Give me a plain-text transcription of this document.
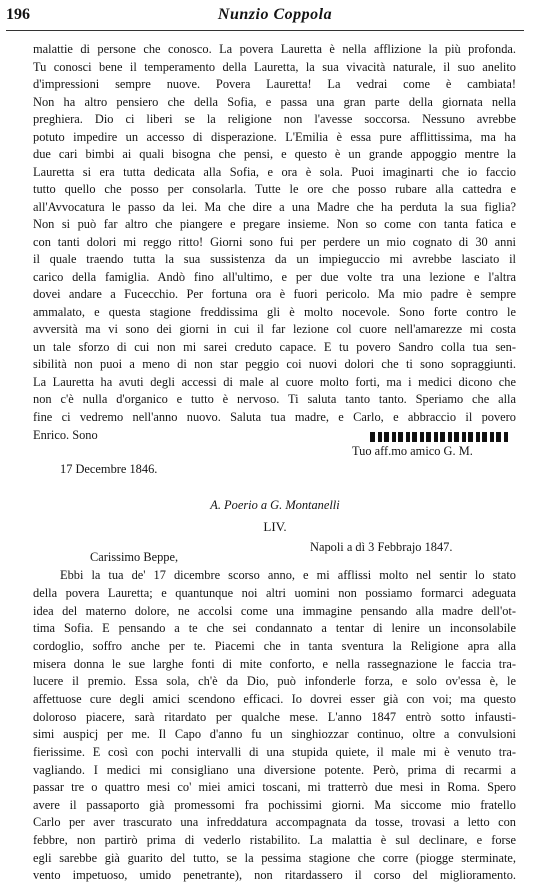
196	Nunzio Coppola
malattie di persone che conosco. La povera Lauretta è nella afflizione la più profonda.
Tu conosci bene il temperamento della Lauretta, la sua vivacità naturale, il suo anelito
d'impressioni sempre nuove. Povera Lauretta! La vedrai come è cambiata!
Non ha altro pensiero che della Sofia, e passa una gran parte della giornata nella
preghiera. Dio ci liberi se la religione non l'avesse soccorsa. Nessuno avrebbe
potuto impedire un accesso di disperazione. L'Emilia è essa pure afflittissima, ma ha
due cari bimbi ai quali bisogna che pensi, e questo è un grande appoggio mentre la
Lauretta si era tutta dedicata alla Sofia, e ora è sola. Puoi imaginarti che io faccio
tutto quello che posso per consolarla. Tutte le ore che posso rubare alla cattedra e
all'Avvocatura le passo da lei. Ma che dire a una Madre che ha perduta la sua figlia?
Non si può far altro che piangere e pregare insieme. Non so come con tanta fatica e
con tanti dolori mi reggo ritto! Giorni sono fui per perdere un mio cognato di 30 anni
il quale traendo tutta la sua sussistenza da un impieguccio mi avrebbe lasciato il
carico della famiglia. Andò fino all'ultimo, e per due volte tra una lezione e l'altra
dovei andare a Fucecchio. Per fortuna ora è fuori pericolo. Ma mio padre è sempre
ammalato, e questa stagione freddissima gli è molto nocevole. Sono forte contro le
avversità ma vi sono dei giorni in cui il far lezione col cuore nell'amarezze mi costa
un tale sforzo di cui non mi sarei creduto capace. E tu povero Sandro colla tua sen-
sibilità non puoi a meno di non star peggio coi nuovi dolori che ti sono sopraggiunti.
La Lauretta ha avuti degli accessi di male al cuore molto forti, ma i medici dicono che
non c'è nulla d'organico e tutto è nervoso. Ti saluta tanto tanto. Speriamo che alla
fine ci vedremo nell'anno nuovo. Saluta tua madre, e Carlo, e abbraccio il povero
Enrico. Sono
Tuo aff.mo amico G. M.
17 Decembre 1846.
A. Poerio a G. Montanelli
LIV.
Napoli a dì 3 Febbrajo 1847.
Carissimo Beppe,
Ebbi la tua de' 17 dicembre scorso anno, e mi afflissi molto nel sentir lo stato
della povera Lauretta; e quantunque noi altri uomini non possiamo formarci adeguata
idea del materno dolore, ne accolsi come una immagine pensando alla madre dell'ot-
tima Sofia. E pensando a te che sei condannato a tentar di lenire un inconsolabile
cordoglio, soffro anche per te. Piacemi che in tanta sventura la Religione apra alla
misera donna le sue larghe fonti di mite conforto, e nella rassegnazione le faccia tra-
lucere il premio. Essa sola, ch'è da Dio, può infonderle forza, e solo ov'essa è, le
affettuose cure degli amici scendono efficaci. Io dovrei esser già con voi; ma questo
doloroso piacere, sarà ritardato per qualche mese. L'anno 1847 entrò sotto infausti-
simi auspicj per me. Il Capo d'anno fu un singhiozzar continuo, oltre a convulsioni
fierissime. E così con pochi intervalli di una stupida quiete, il male mi è venuto tra-
vagliando. I medici mi consigliano una diversione potente. Però, prima di recarmi a
passar tre o quattro mesi co' miei amici toscani, mi tratterrò due mesi in Roma. Spero
avere il passaporto già promessomi fra pochissimi giorni. Ma siccome mio fratello
Carlo per aver trascurato una infreddatura accompagnata da tosse, trovasi a letto con
febbre, non partirò prima di vederlo ristabilito. La malattia è sul declinare, e forse
egli sarebbe già guarito del tutto, se la pessima stagione che corre (piogge sterminate,
vento impetuoso, umido penetrante), non ritardassero il corso del miglioramento.
